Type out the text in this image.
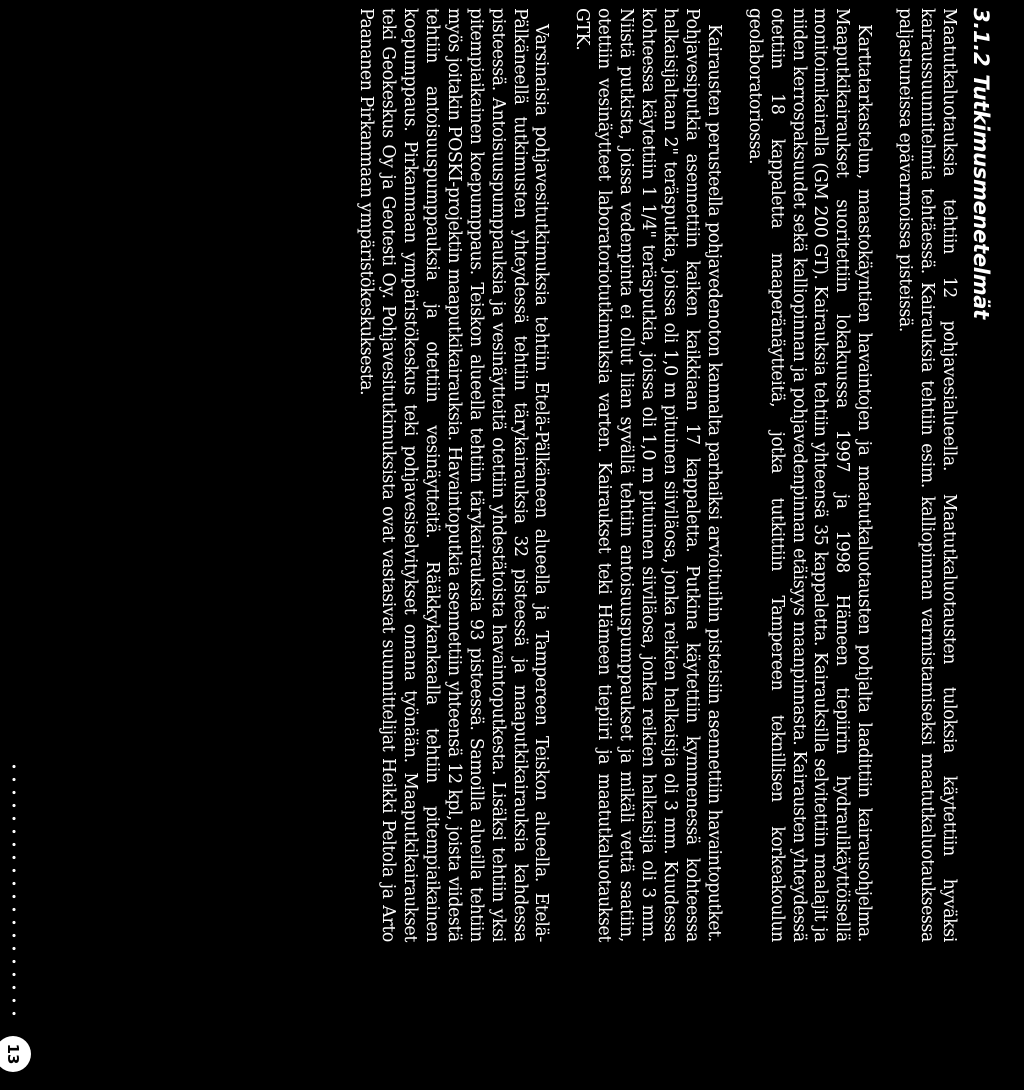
3.1.2Tutkimusmenetelmät

Maatutkaluotauksia tehtiin 12 pohjavesialueella. Maatutkaluotausten tuloksia käytettiin hyväksi kairaussuunnitelmia tehtäessä. Kairauksia tehtiin esim. kalliopinnan varmistamiseksi maatutkaluotauksessa paljastuneissa epävarmoissa pisteissä.

Karttatarkastelun, maastokäyntien havaintojen ja maatutkaluotausten pohjalta laadittiin kairausohjelma. Maaputkikairaukset suoritettiin lokakuussa 1997 ja 1998 Hämeen tiepiirin hydraulikäyttöisellä monitoimikairalla (GM 200 GT). Kairauksia tehtiin yhteensä 35 kappaletta. Kairauksilla selvitettiin maalajit ja niiden kerrospaksuudet sekä kalliopinnan ja pohjavedenpinnan etäisyys maanpinnasta. Kairausten yhteydessä otettiin 18 kappaletta maaperänäytteitä, jotka tutkittiin Tampereen teknillisen korkeakoulun geolaboratoriossa.

Kairausten perusteella pohjavedenoton kannalta parhaiksi arvioituihin pisteisiin asennettiin havaintoputket. Pohjavesiputkia asennettiin kaiken kaikkiaan 17 kappaletta. Putkina käytettiin kymmenessä kohteessa halkaisijaltaan 2" teräsputkia, joissa oli 1,0 m pituinen siiviläosa, jonka reikien halkaisija oli 3 mm. Kuudessa kohteessa käytettiin 1 1/4" teräsputkia, joissa oli 1,0 m pituinen siiviläosa, jonka reikien halkaisija oli 3 mm. Niistä putkista, joissa vedenpinta ei ollut liian syvällä tehtiin antoisuuspumppaukset ja mikäli vettä saatiin, otettiin vesinäytteet laboratoriotutkimuksia varten. Kairaukset teki Hämeen tiepiiri ja maatutkaluotaukset GTK.

Varsinaisia pohjavesitutkimuksia tehtiin Etelä-Pälkäneen alueella ja Tampereen Teiskon alueella. Etelä-Pälkäneellä tutkimusten yhteydessä tehtiin tärykairauksia 32 pisteessä ja maaputkikairauksia kahdessa pisteessä. Antoisuuspumppauksia ja vesinäytteitä otettiin yhdestätoista havaintoputkesta. Lisäksi tehtiin yksi pitempiaikainen koepumppaus. Teiskon alueella tehtiin tärykairauksia 93 pisteessä. Samoilla alueilla tehtiin myös joitakin POSKI-projektin maaputkikairauksia. Havaintoputkia asennettiin yhteensä 12 kpl, joista viidestä tehtiin antoisuuspumppauksia ja otettiin vesinäytteitä. Rääkkykankaalla tehtiin pitempiaikainen koepumppaus. Pirkanmaan ympäristökeskus teki pohjavesiselvitykset omana työnään. Maaputkikairaukset teki Geokeskus Oy ja Geotesti Oy. Pohjavesitutkimuksista ovat vastasivat suunnittelijat Heikki Peltola ja Arto Paananen Pirkanmaan ympäristökeskuksesta.

13
